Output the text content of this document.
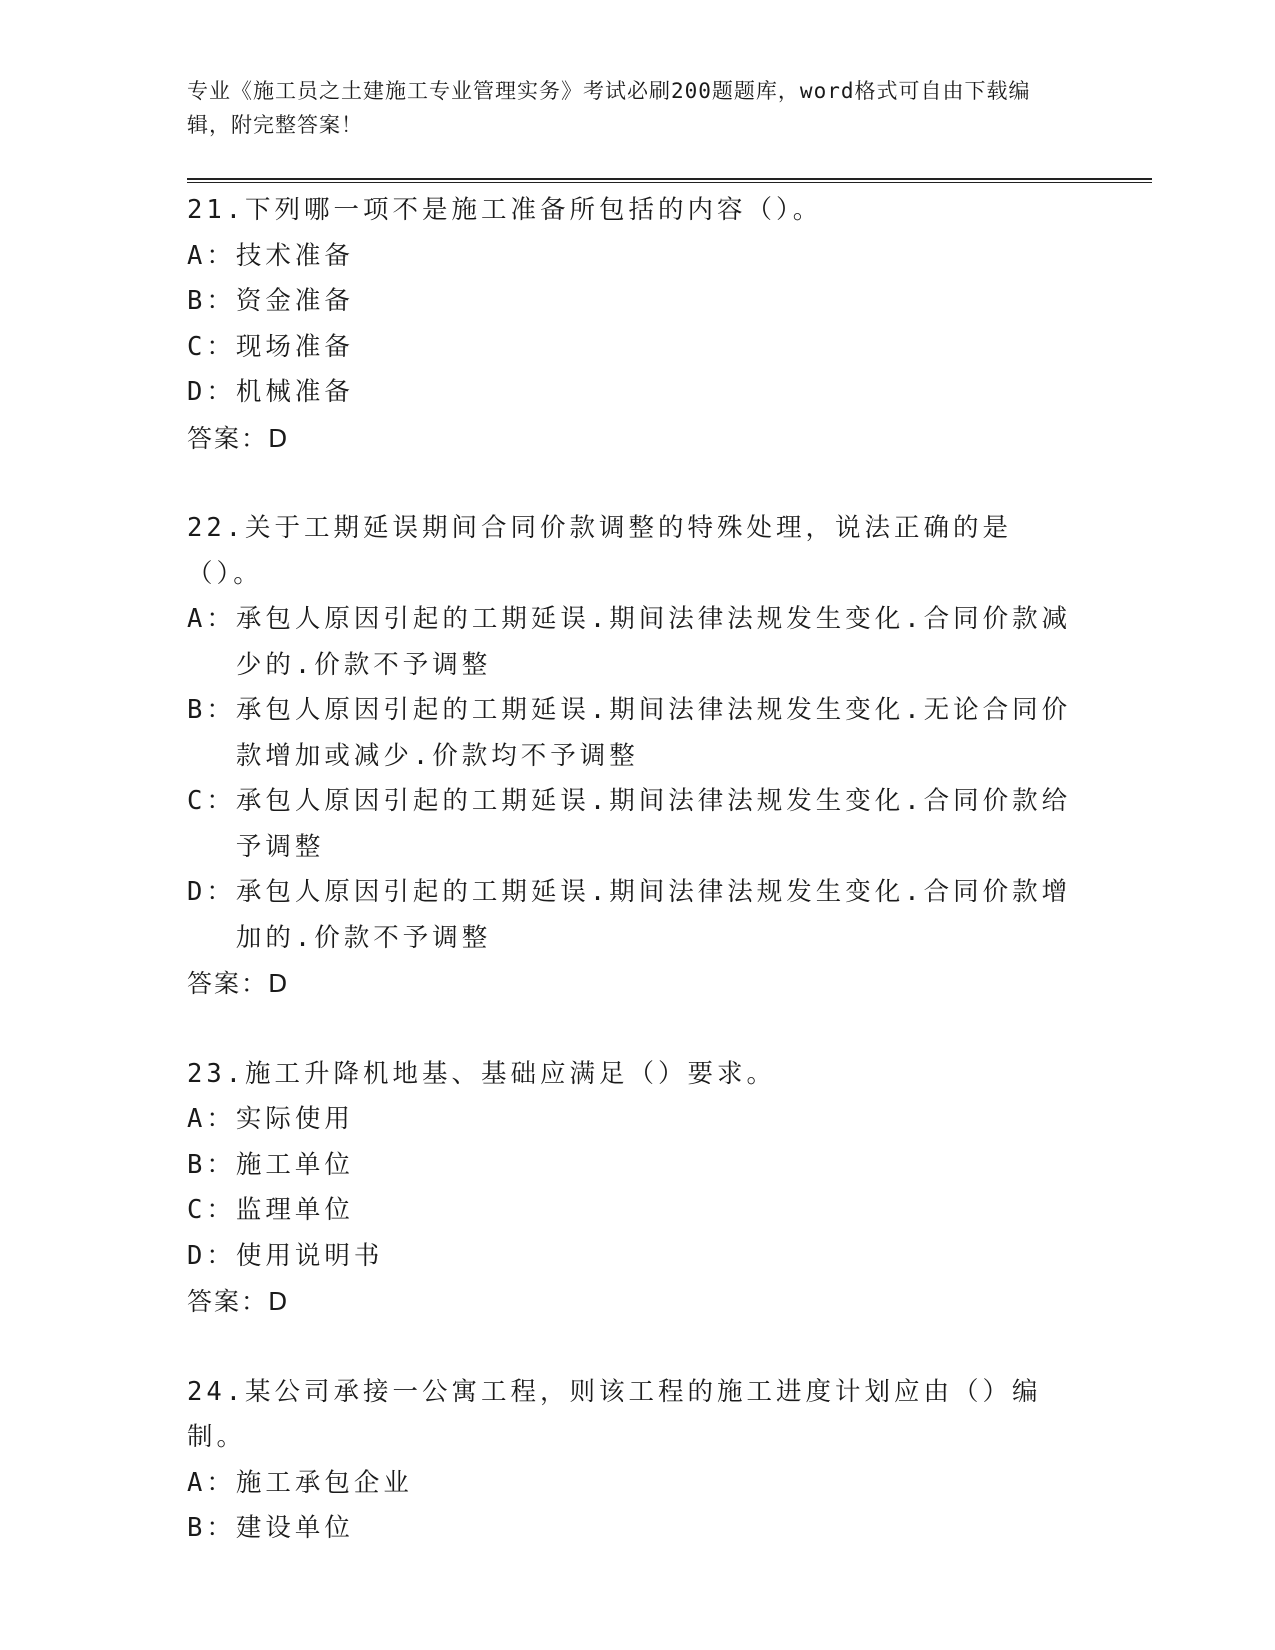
专业《施工员之土建施工专业管理实务》考试必刷200题题库，word格式可自由下载编辑，附完整答案！
21.下列哪一项不是施工准备所包括的内容（）。
A： 技术准备
B： 资金准备
C： 现场准备
D： 机械准备
答案：D
22.关于工期延误期间合同价款调整的特殊处理，说法正确的是（）。
A： 承包人原因引起的工期延误.期间法律法规发生变化.合同价款减少的.价款不予调整
B： 承包人原因引起的工期延误.期间法律法规发生变化.无论合同价款增加或减少.价款均不予调整
C： 承包人原因引起的工期延误.期间法律法规发生变化.合同价款给予调整
D： 承包人原因引起的工期延误.期间法律法规发生变化.合同价款增加的.价款不予调整
答案：D
23.施工升降机地基、基础应满足（）要求。
A： 实际使用
B： 施工单位
C： 监理单位
D： 使用说明书
答案：D
24.某公司承接一公寓工程，则该工程的施工进度计划应由（）编制。
A： 施工承包企业
B： 建设单位
